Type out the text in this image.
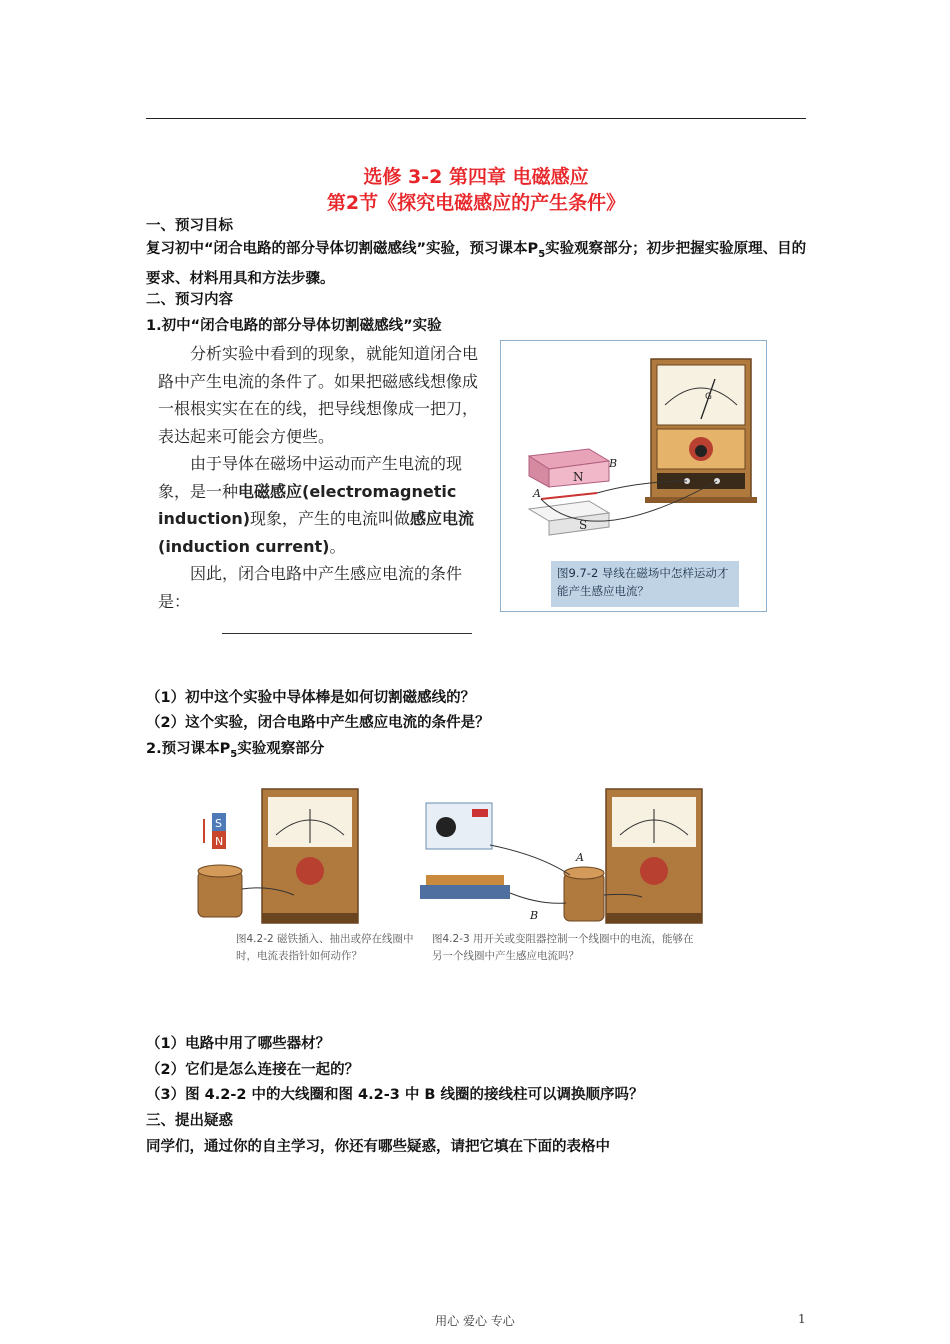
选修 3-2 第四章 电磁感应
第2节《探究电磁感应的产生条件》
一、预习目标
复习初中“闭合电路的部分导体切割磁感线”实验，预习课本$P_5$实验观察部分；初步把握实验原理、目的要求、材料用具和方法步骤。
二、预习内容
1.初中“闭合电路的部分导体切割磁感线”实验

分析实验中看到的现象，就能知道闭合电路中产生电流的条件了。如果把磁感线想像成一根根实实在在的线，把导线想像成一把刀，表达起来可能会方便些。

由于导体在磁场中运动而产生电流的现象，是一种电磁感应(electromagnetic induction)现象，产生的电流叫做感应电流(induction current)。

因此，闭合电路中产生感应电流的条件是：

G
N
S
A
B
图9.7-2 导线在磁场中怎样运动才能产生感应电流？
（1）初中这个实验中导体棒是如何切割磁感线的？
（2）这个实验，闭合电路中产生感应电流的条件是？
2.预习课本$P_5$实验观察部分
S
N
A
B
图4.2-2 磁铁插入、抽出或停在线圈中时，电流表指针如何动作？
图4.2-3 用开关或变阻器控制一个线圈中的电流，能够在另一个线圈中产生感应电流吗？
（1）电路中用了哪些器材？
（2）它们是怎么连接在一起的？
（3）图 4.2-2 中的大线圈和图 4.2-3 中 B 线圈的接线柱可以调换顺序吗？
三、提出疑惑
同学们，通过你的自主学习，你还有哪些疑惑，请把它填在下面的表格中
用心 爱心 专心	1
